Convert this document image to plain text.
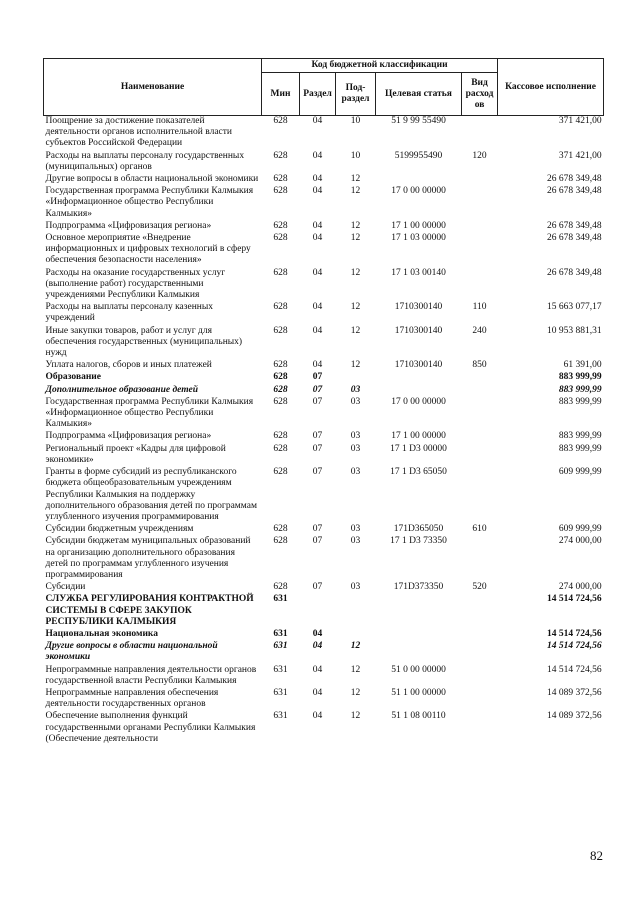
Наименование	Код бюджетной классификации					Кассовое исполнение
	Мин	Раздел	Под-раздел	Целевая статья	Вид расход ов	
Поощрение за достижение показателей деятельности органов исполнительной власти субъектов Российской Федерации	628	04	10	51 9 99 55490		371 421,00
Расходы на выплаты персоналу государственных (муниципальных) органов	628	04	10	5199955490	120	371 421,00
Другие вопросы в области национальной экономики	628	04	12			26 678 349,48
Государственная программа Республики Калмыкия «Информационное общество Республики Калмыкия»	628	04	12	17 0 00 00000		26 678 349,48
Подпрограмма «Цифровизация региона»	628	04	12	17 1 00 00000		26 678 349,48
Основное мероприятие «Внедрение информационных и цифровых технологий в сферу обеспечения безопасности населения»	628	04	12	17 1 03 00000		26 678 349,48
Расходы на оказание государственных услуг (выполнение работ) государственными учреждениями Республики Калмыкия	628	04	12	17 1 03 00140		26 678 349,48
Расходы на выплаты персоналу казенных учреждений	628	04	12	1710300140	110	15 663 077,17
Иные закупки товаров, работ и услуг для обеспечения государственных (муниципальных) нужд	628	04	12	1710300140	240	10 953 881,31
Уплата налогов, сборов и иных платежей	628	04	12	1710300140	850	61 391,00
Образование	628	07				883 999,99
Дополнительное образование детей	628	07	03			883 999,99
Государственная программа Республики Калмыкия «Информационное общество Республики Калмыкия»	628	07	03	17 0 00 00000		883 999,99
Подпрограмма «Цифровизация региона»	628	07	03	17 1 00 00000		883 999,99
Региональный проект «Кадры для цифровой экономики»	628	07	03	17 1 D3 00000		883 999,99
Гранты в форме субсидий из республиканского бюджета общеобразовательным учреждениям Республики Калмыкия на поддержку дополнительного образования детей по программам углубленного изучения программирования	628	07	03	17 1 D3 65050		609 999,99
Субсидии бюджетным учреждениям	628	07	03	171D365050	610	609 999,99
Субсидии бюджетам муниципальных образований на организацию дополнительного образования детей по программам углубленного изучения программирования	628	07	03	17 1 D3 73350		274 000,00
Субсидии	628	07	03	171D373350	520	274 000,00
СЛУЖБА РЕГУЛИРОВАНИЯ КОНТРАКТНОЙ СИСТЕМЫ В СФЕРЕ ЗАКУПОК РЕСПУБЛИКИ КАЛМЫКИЯ	631					14 514 724,56
Национальная экономика	631	04				14 514 724,56
Другие вопросы в области национальной экономики	631	04	12			14 514 724,56
Непрограммные направления деятельности органов государственной власти Республики Калмыкия	631	04	12	51 0 00 00000		14 514 724,56
Непрограммные направления обеспечения деятельности государственных органов	631	04	12	51 1 00 00000		14 089 372,56
Обеспечение выполнения функций государственными органами Республики Калмыкия (Обеспечение деятельности	631	04	12	51 1 08 00110		14 089 372,56
82
